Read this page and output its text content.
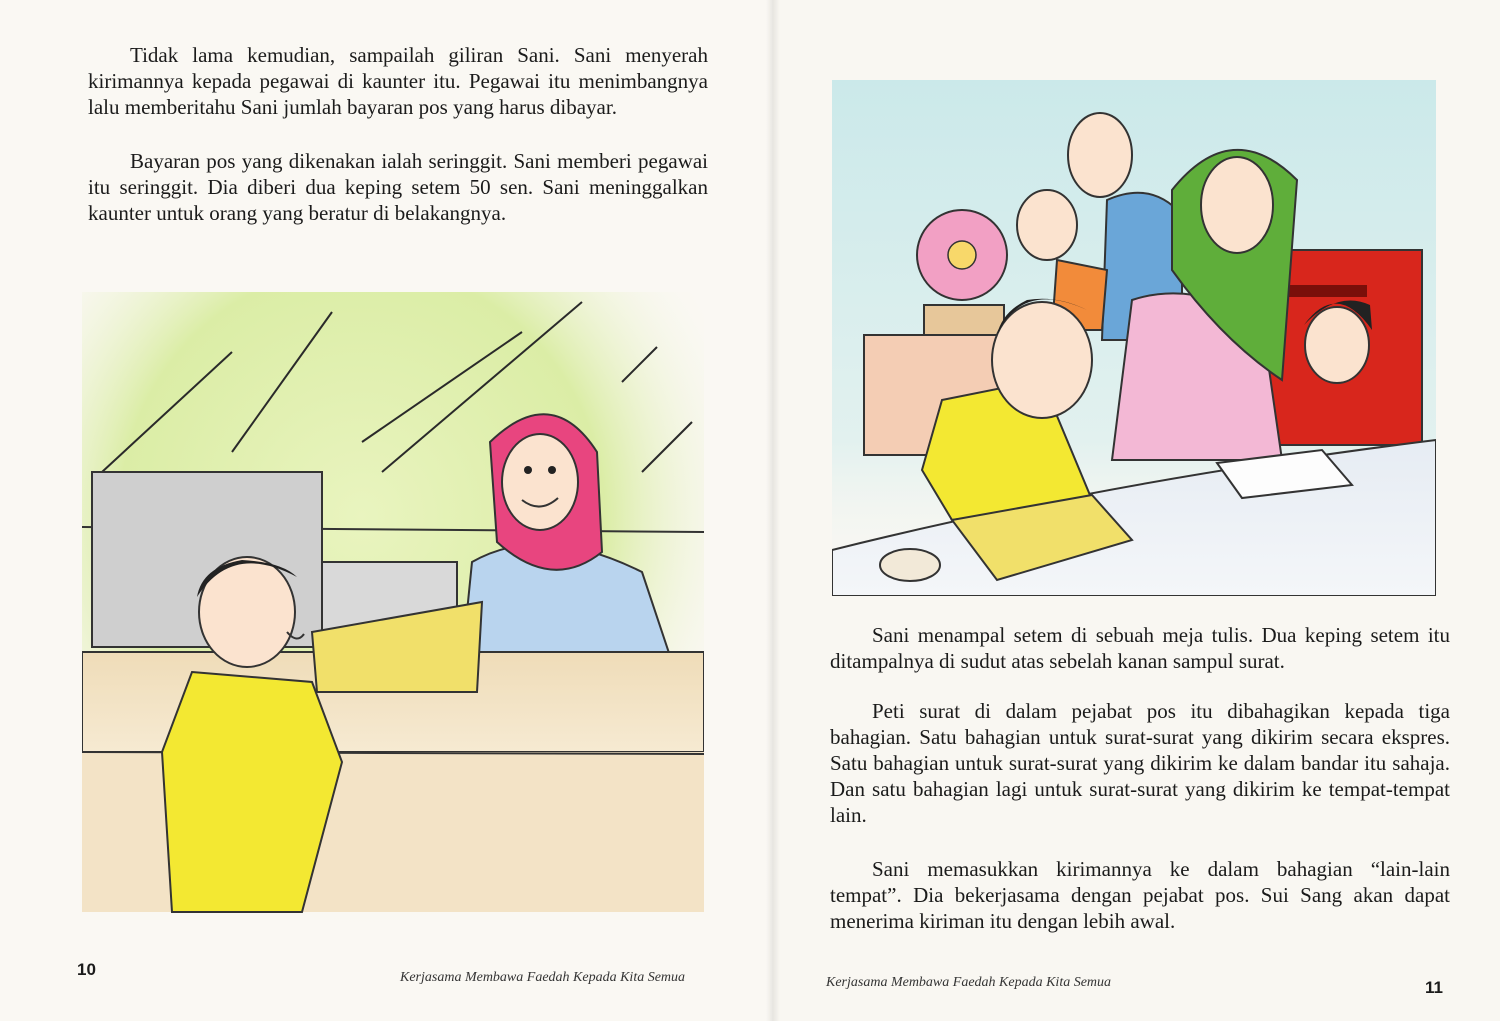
Tidak lama kemudian, sampailah giliran Sani. Sani menyerah kirimannya kepada pegawai di kaunter itu. Pegawai itu menimbangnya lalu memberitahu Sani jumlah bayaran pos yang harus dibayar.

Bayaran pos yang dikenakan ialah seringgit. Sani memberi pegawai itu seringgit. Dia diberi dua keping setem 50 sen. Sani meninggalkan kaunter untuk orang yang beratur di belakangnya.

Sani menampal setem di sebuah meja tulis. Dua keping setem itu ditampalnya di sudut atas sebelah kanan sampul surat.

Peti surat di dalam pejabat pos itu dibahagikan kepada tiga bahagian. Satu bahagian untuk surat-surat yang dikirim secara ekspres. Satu bahagian untuk surat-surat yang dikirim ke dalam bandar itu sahaja. Dan satu bahagian lagi untuk surat-surat yang dikirim ke tempat-tempat lain.

Sani memasukkan kirimannya ke dalam bahagian “lain-lain tempat”. Dia bekerjasama dengan pejabat pos. Sui Sang akan dapat menerima kiriman itu dengan lebih awal.

10	Kerjasama Membawa Faedah Kepada Kita Semua	Kerjasama Membawa Faedah Kepada Kita Semua	11
